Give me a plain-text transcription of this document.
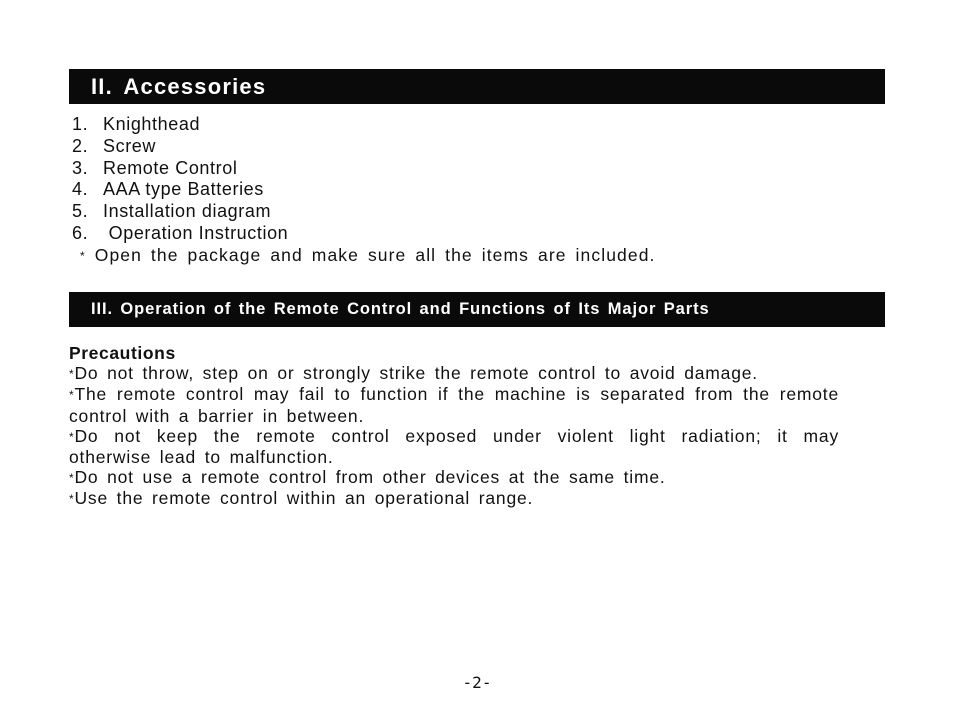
II. Accessories
1. Knighthead
2. Screw
3. Remote Control
4. AAA type Batteries
5. Installation diagram
6. Operation Instruction
* Open the package and make sure all the items are included.
III. Operation of the Remote Control and Functions of Its Major Parts
Precautions
*Do not throw, step on or strongly strike the remote control to avoid damage.
*The remote control may fail to function if the machine is separated from the remote control with a barrier in between.
*Do not keep the remote control exposed under violent light radiation; it may otherwise lead to malfunction.
*Do not use a remote control from other devices at the same time.
*Use the remote control within an operational range.
-2-
